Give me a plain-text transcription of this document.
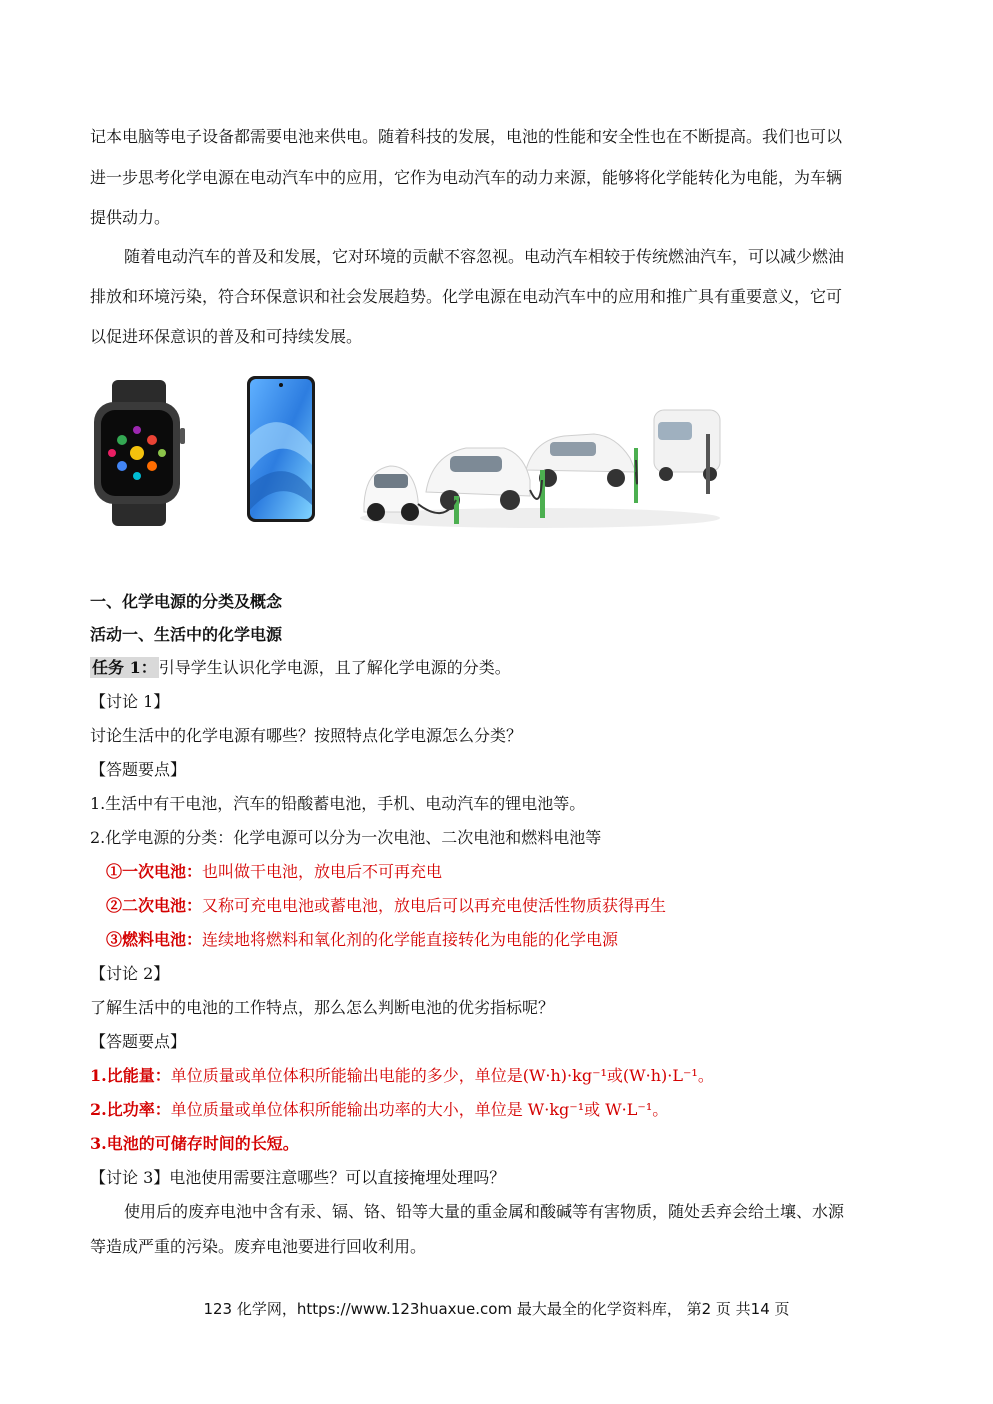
记本电脑等电子设备都需要电池来供电。随着科技的发展，电池的性能和安全性也在不断提高。我们也可以
进一步思考化学电源在电动汽车中的应用，它作为电动汽车的动力来源，能够将化学能转化为电能，为车辆
提供动力。
随着电动汽车的普及和发展，它对环境的贡献不容忽视。电动汽车相较于传统燃油汽车，可以减少燃油
排放和环境污染，符合环保意识和社会发展趋势。化学电源在电动汽车中的应用和推广具有重要意义，它可
以促进环保意识的普及和可持续发展。
一、化学电源的分类及概念
活动一、生活中的化学电源
任务 1： 引导学生认识化学电源，且了解化学电源的分类。
【讨论 1】
讨论生活中的化学电源有哪些？按照特点化学电源怎么分类？
【答题要点】
1.生活中有干电池，汽车的铅酸蓄电池，手机、电动汽车的锂电池等。
2.化学电源的分类：化学电源可以分为一次电池、二次电池和燃料电池等
①一次电池：也叫做干电池，放电后不可再充电
②二次电池：又称可充电电池或蓄电池，放电后可以再充电使活性物质获得再生
③燃料电池：连续地将燃料和氧化剂的化学能直接转化为电能的化学电源
【讨论 2】
了解生活中的电池的工作特点，那么怎么判断电池的优劣指标呢？
【答题要点】
1.比能量：单位质量或单位体积所能输出电能的多少，单位是(W·h)·kg⁻¹或(W·h)·L⁻¹。
2.比功率：单位质量或单位体积所能输出功率的大小，单位是 W·kg⁻¹或 W·L⁻¹。
3.电池的可储存时间的长短。
【讨论 3】电池使用需要注意哪些？可以直接掩埋处理吗？
使用后的废弃电池中含有汞、镉、铬、铅等大量的重金属和酸碱等有害物质，随处丢弃会给土壤、水源
等造成严重的污染。废弃电池要进行回收利用。
123 化学网，https://www.123huaxue.com 最大最全的化学资料库， 第2 页 共14 页
